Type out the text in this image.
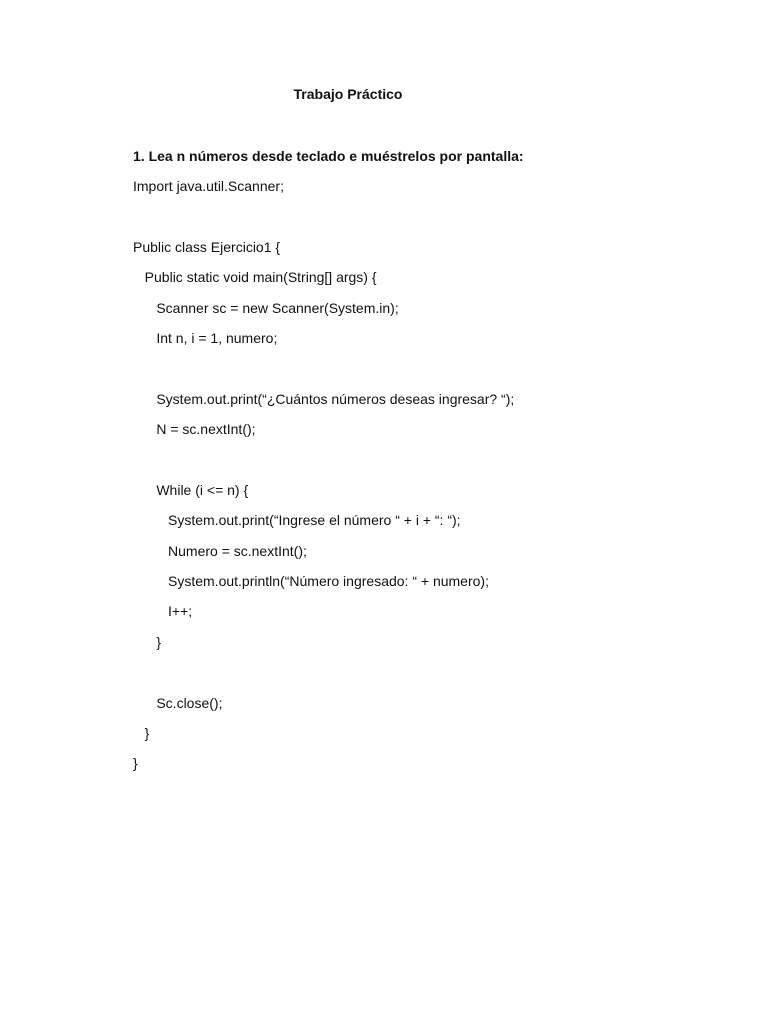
Trabajo Práctico
1. Lea n números desde teclado e muéstrelos por pantalla:
Import java.util.Scanner;
Public class Ejercicio1 {
Public static void main(String[] args) {
Scanner sc = new Scanner(System.in);
Int n, i = 1, numero;
System.out.print(“¿Cuántos números deseas ingresar? “);
N = sc.nextInt();
While (i <= n) {
System.out.print(“Ingrese el número “ + i + “: “);
Numero = sc.nextInt();
System.out.println(“Número ingresado: “ + numero);
I++;
}
Sc.close();
}
}
